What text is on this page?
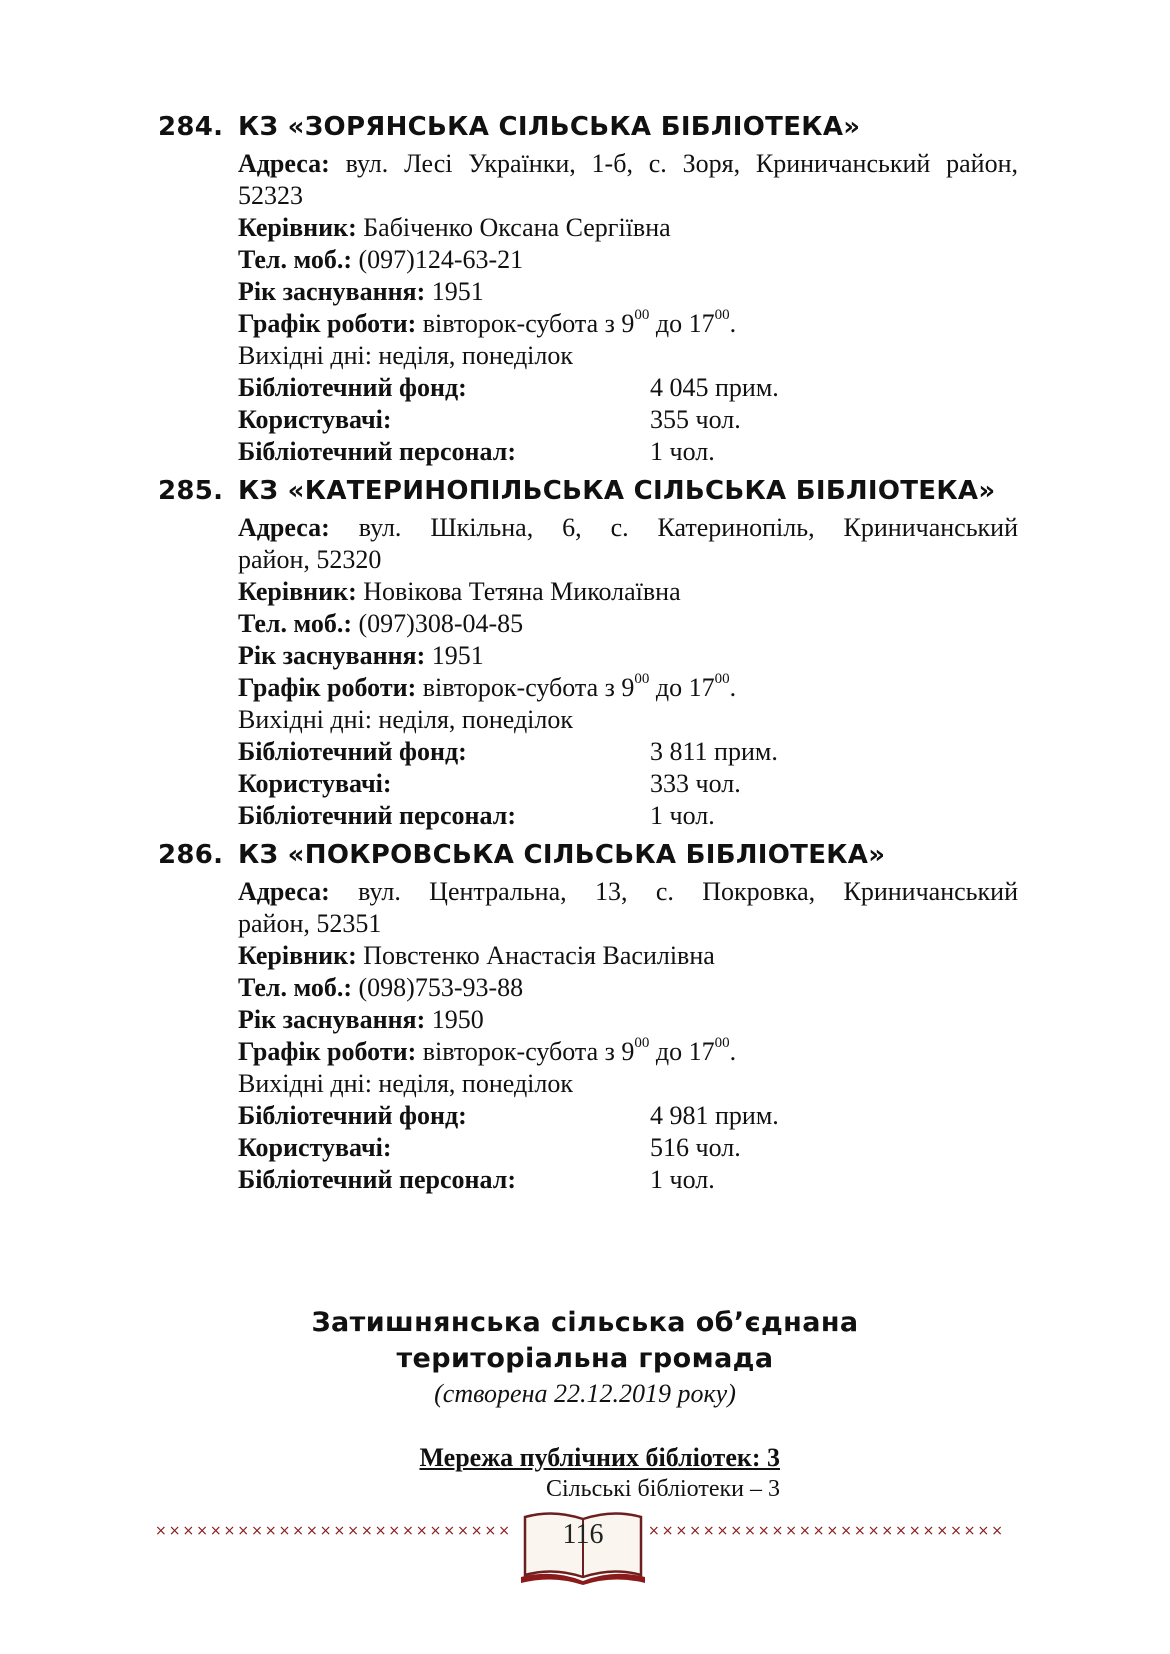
284. КЗ «ЗОРЯНСЬКА СІЛЬСЬКА БІБЛІОТЕКА»
Адреса: вул. Лесі Українки, 1-б, с. Зоря, Криничанський район,
52323
Керівник: Бабіченко Оксана Сергіївна
Тел. моб.: (097)124-63-21
Рік заснування: 1951
Графік роботи: вівторок-субота з $9^{00}$ до $17^{00}$.
Вихідні дні: неділя, понеділок
Бібліотечний фонд:	4 045 прим.
Користувачі:	355 чол.
Бібліотечний персонал:	1 чол.
285. КЗ «КАТЕРИНОПІЛЬСЬКА СІЛЬСЬКА БІБЛІОТЕКА»
Адреса: вул. Шкільна, 6, с. Катеринопіль, Криничанський
район, 52320
Керівник: Новікова Тетяна Миколаївна
Тел. моб.: (097)308-04-85
Рік заснування: 1951
Графік роботи: вівторок-субота з $9^{00}$ до $17^{00}$.
Вихідні дні: неділя, понеділок
Бібліотечний фонд:	3 811 прим.
Користувачі:	333 чол.
Бібліотечний персонал:	1 чол.
286. КЗ «ПОКРОВСЬКА СІЛЬСЬКА БІБЛІОТЕКА»
Адреса: вул. Центральна, 13, с. Покровка, Криничанський
район, 52351
Керівник: Повстенко Анастасія Василівна
Тел. моб.: (098)753-93-88
Рік заснування: 1950
Графік роботи: вівторок-субота з $9^{00}$ до $17^{00}$.
Вихідні дні: неділя, понеділок
Бібліотечний фонд:	4 981 прим.
Користувачі:	516 чол.
Бібліотечний персонал:	1 чол.
Затишнянська сільська об’єднана
територіальна громада
(створена 22.12.2019 року)
Мережа публічних бібліотек: 3
Сільські бібліотеки – 3
××××××××××××××××××××××××××	116	××××××××××××××××××××××××××
